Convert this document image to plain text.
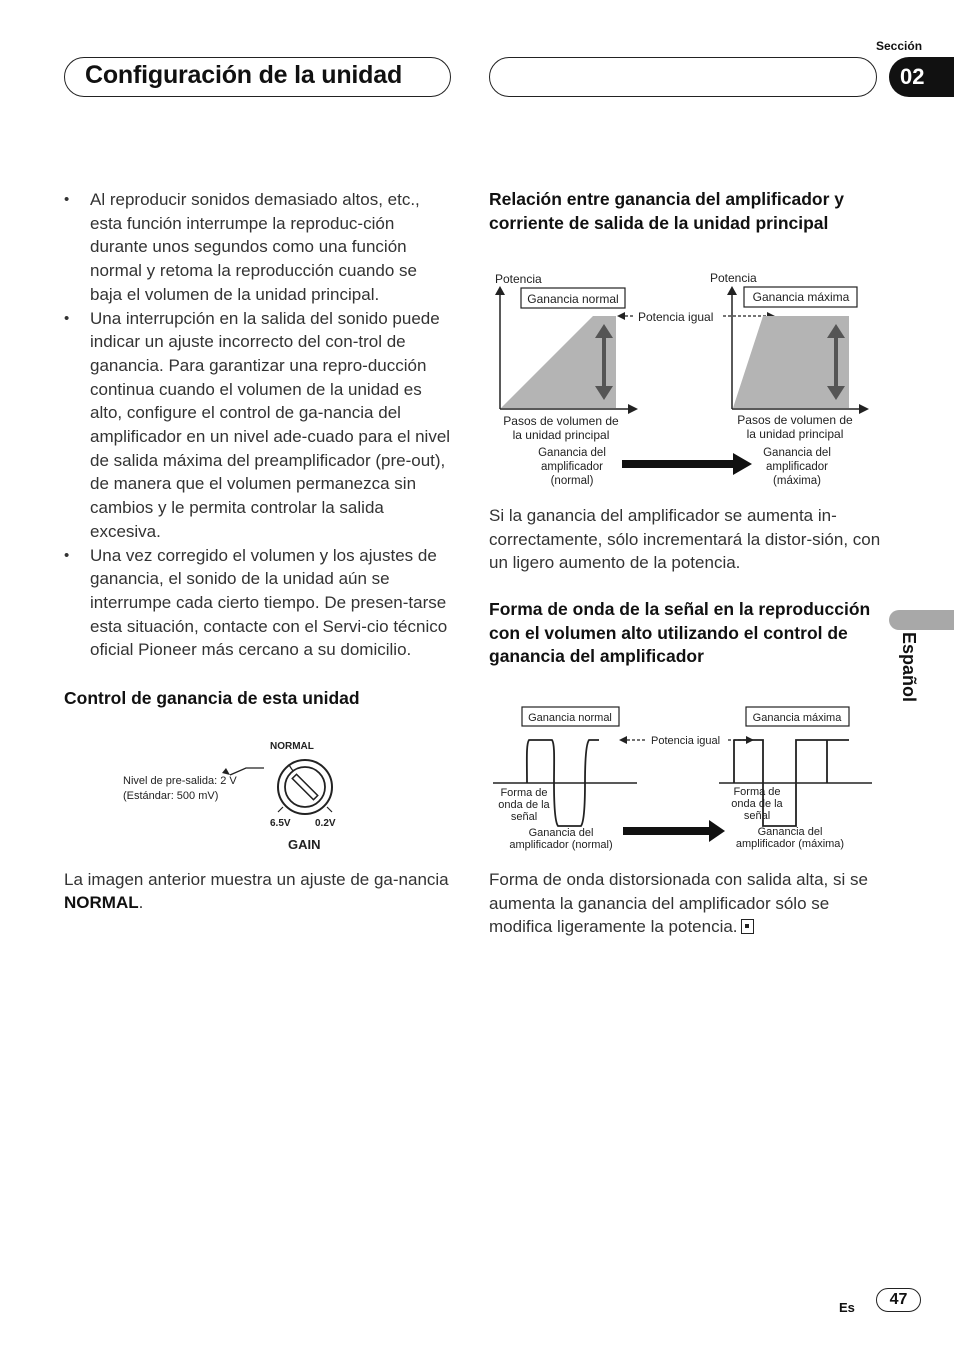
Configuración de la unidad
Sección
02
Español
• Al reproducir sonidos demasiado altos, etc., esta función interrumpe la reproduc-ción durante unos segundos como una función normal y retoma la reproducción cuando se baja el volumen de la unidad principal.
• Una interrupción en la salida del sonido puede indicar un ajuste incorrecto del con-trol de ganancia. Para garantizar una repro-ducción continua cuando el volumen de la unidad es alto, configure el control de ga-nancia del amplificador en un nivel ade-cuado para el nivel de salida máxima del preamplificador (pre-out), de manera que el volumen permanezca sin cambios y le permita controlar la salida excesiva.
• Una vez corregido el volumen y los ajustes de ganancia, el sonido de la unidad aún se interrumpe cada cierto tiempo. De presen-tarse esta situación, contacte con el Servi-cio técnico oficial Pioneer más cercano a su domicilio.
Control de ganancia de esta unidad
Nivel de pre-salida: 2 V
(Estándar: 500 mV)
NORMAL
6.5V 0.2V
GAIN

La imagen anterior muestra un ajuste de ga-nancia NORMAL.

Relación entre ganancia del amplificador y corriente de salida de la unidad principal
Potencia
Ganancia normal
Pasos de volumen de
la unidad principal
Ganancia del
amplificador
(normal)
Potencia igual
Potencia
Ganancia máxima
Pasos de volumen de
la unidad principal
Ganancia del
amplificador
(máxima)

Si la ganancia del amplificador se aumenta in-correctamente, sólo incrementará la distor-sión, con un ligero aumento de la potencia.

Forma de onda de la señal en la reproducción con el volumen alto utilizando el control de ganancia del amplificador
Ganancia normal
Forma de
onda de la
señal
Ganancia del
amplificador (normal)
Potencia igual
Ganancia máxima
Forma de
onda de la
señal
Ganancia del
amplificador (máxima)

Forma de onda distorsionada con salida alta, si se aumenta la ganancia del amplificador sólo se modifica ligeramente la potencia.

Es	47
